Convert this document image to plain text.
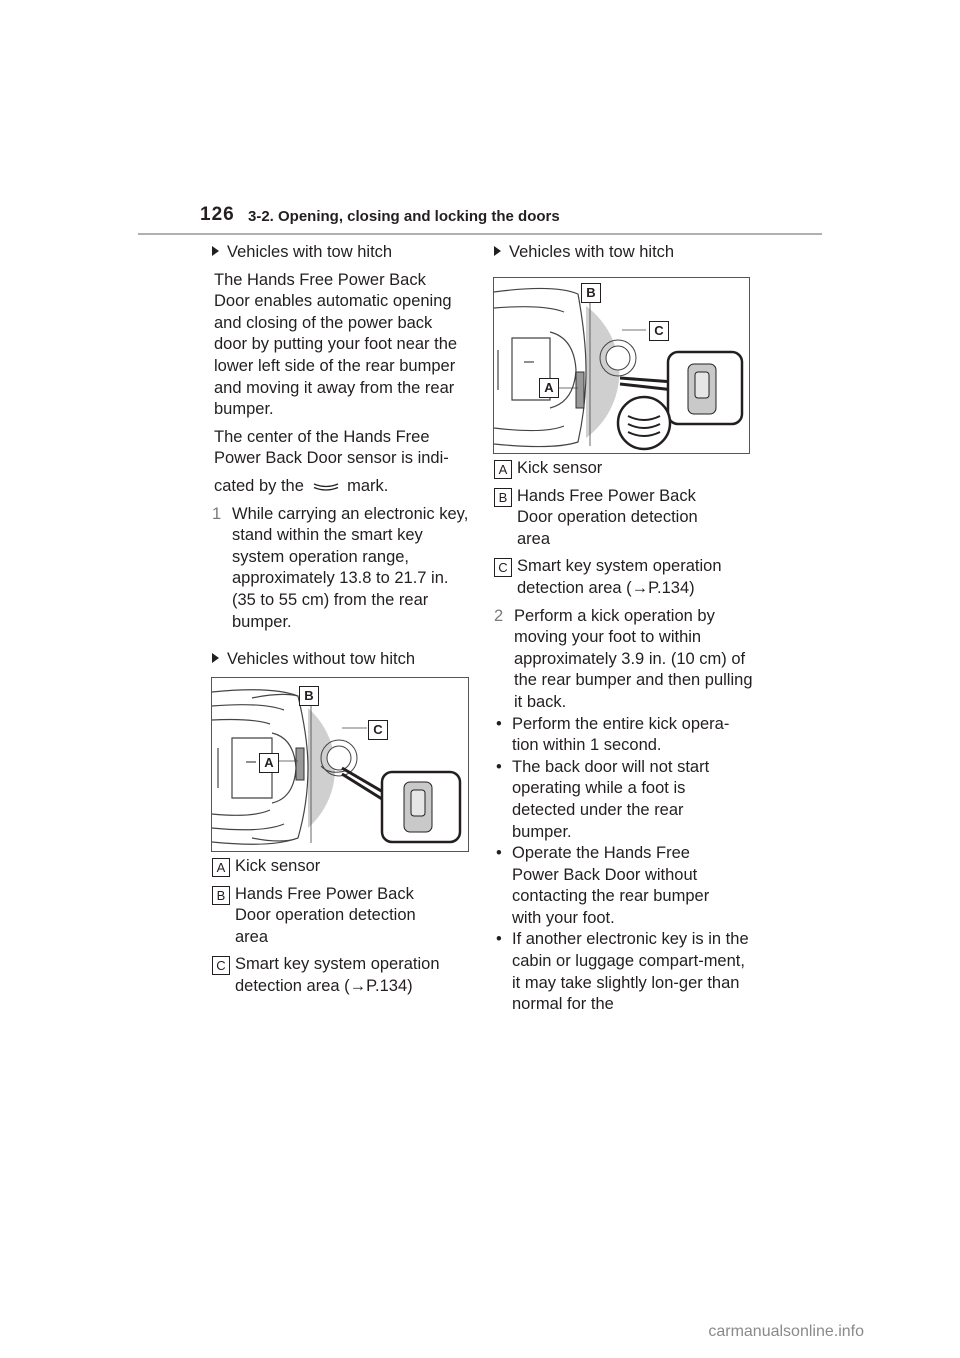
126 3-2. Opening, closing and locking the doors
Vehicles with tow hitch
The Hands Free Power Back Door enables automatic opening and closing of the power back door by putting your foot near the lower left side of the rear bumper and moving it away from the rear bumper.
The center of the Hands Free Power Back Door sensor is indi-
cated by the	mark.
1 While carrying an electronic key, stand within the smart key system operation range, approximately 13.8 to 21.7 in. (35 to 55 cm) from the rear bumper.
Vehicles without tow hitch
B
C
A
A Kick sensor
B Hands Free Power Back Door operation detection area
C Smart key system operation detection area (→P.134)
Vehicles with tow hitch
B
C
A
A Kick sensor
B Hands Free Power Back Door operation detection area
C Smart key system operation detection area (→P.134)
2 Perform a kick operation by moving your foot to within approximately 3.9 in. (10 cm) of the rear bumper and then pulling it back.
• Perform the entire kick opera-tion within 1 second.
• The back door will not start operating while a foot is detected under the rear bumper.
• Operate the Hands Free Power Back Door without contacting the rear bumper with your foot.
• If another electronic key is in the cabin or luggage compart-ment, it may take slightly lon-ger than normal for the
carmanualsonline.info
